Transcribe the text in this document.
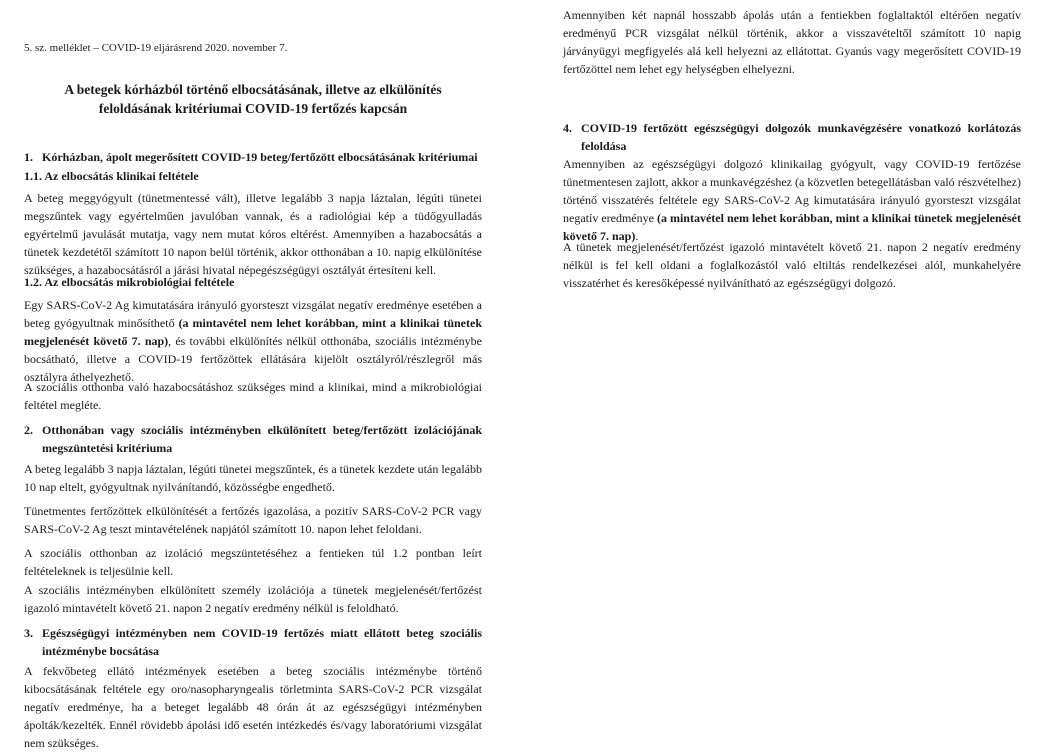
5. sz. melléklet – COVID-19 eljárásrend 2020. november 7.
A betegek kórházból történő elbocsátásának, illetve az elkülönítés
feloldásának kritériumai COVID-19 fertőzés kapcsán
1. Kórházban, ápolt megerősített COVID-19 beteg/fertőzött elbocsátásának kritériumai
1.1. Az elbocsátás klinikai feltétele

A beteg meggyógyult (tünetmentessé vált), illetve legalább 3 napja láztalan, légúti tünetei megszűntek vagy egyértelműen javulóban vannak, és a radiológiai kép a tüdőgyulladás egyértelmű javulását mutatja, vagy nem mutat kóros eltérést. Amennyiben a hazabocsátás a tünetek kezdetétől számított 10 napon belül történik, akkor otthonában a 10. napig elkülönítése szükséges, a hazabocsátásról a járási hivatal népegészségügyi osztályát értesíteni kell.

1.2. Az elbocsátás mikrobiológiai feltétele

Egy SARS-CoV-2 Ag kimutatására irányuló gyorsteszt vizsgálat negatív eredménye esetében a beteg gyógyultnak minősíthető (a mintavétel nem lehet korábban, mint a klinikai tünetek megjelenését követő 7. nap), és további elkülönítés nélkül otthonába, szociális intézménybe bocsátható, illetve a COVID-19 fertőzöttek ellátására kijelölt osztályról/részlegről más osztályra áthelyezhető.

A szociális otthonba való hazabocsátáshoz szükséges mind a klinikai, mind a mikrobiológiai feltétel megléte.

2. Otthonában vagy szociális intézményben elkülönített beteg/fertőzött izolációjának megszüntetési kritériuma

A beteg legalább 3 napja láztalan, légúti tünetei megszűntek, és a tünetek kezdete után legalább 10 nap eltelt, gyógyultnak nyilvánítandó, közösségbe engedhető.

Tünetmentes fertőzöttek elkülönítését a fertőzés igazolása, a pozitív SARS-CoV-2 PCR vagy SARS-CoV-2 Ag teszt mintavételének napjától számított 10. napon lehet feloldani.

A szociális otthonban az izoláció megszüntetéséhez a fentieken túl 1.2 pontban leírt feltételeknek is teljesülnie kell.

A szociális intézményben elkülönített személy izolációja a tünetek megjelenését/fertőzést igazoló mintavételt követő 21. napon 2 negatív eredmény nélkül is feloldható.

3. Egészségügyi intézményben nem COVID-19 fertőzés miatt ellátott beteg szociális intézménybe bocsátása

A fekvőbeteg ellátó intézmények esetében a beteg szociális intézménybe történő kibocsátásának feltétele egy oro/nasopharyngealis törletminta SARS-CoV-2 PCR vizsgálat negatív eredménye, ha a beteget legalább 48 órán át az egészségügyi intézményben ápolták/kezelték. Ennél rövidebb ápolási idő esetén intézkedés és/vagy laboratóriumi vizsgálat nem szükséges.

Amennyiben két napnál hosszabb ápolás után a fentiekben foglaltaktól eltérően negatív eredményű PCR vizsgálat nélkül történik, akkor a visszavételtől számított 10 napig járványügyi megfigyelés alá kell helyezni az ellátottat. Gyanús vagy megerősített COVID-19 fertőzöttel nem lehet egy helységben elhelyezni.

4. COVID-19 fertőzött egészségügyi dolgozók munkavégzésére vonatkozó korlátozás feloldása

Amennyiben az egészségügyi dolgozó klinikailag gyógyult, vagy COVID-19 fertőzése tünetmentesen zajlott, akkor a munkavégzéshez (a közvetlen betegellátásban való részvételhez) történő visszatérés feltétele egy SARS-CoV-2 Ag kimutatására irányuló gyorsteszt vizsgálat negatív eredménye (a mintavétel nem lehet korábban, mint a klinikai tünetek megjelenését követő 7. nap).

A tünetek megjelenését/fertőzést igazoló mintavételt követő 21. napon 2 negatív eredmény nélkül is fel kell oldani a foglalkozástól való eltiltás rendelkezései alól, munkahelyére visszatérhet és keresőképessé nyilvánítható az egészségügyi dolgozó.
